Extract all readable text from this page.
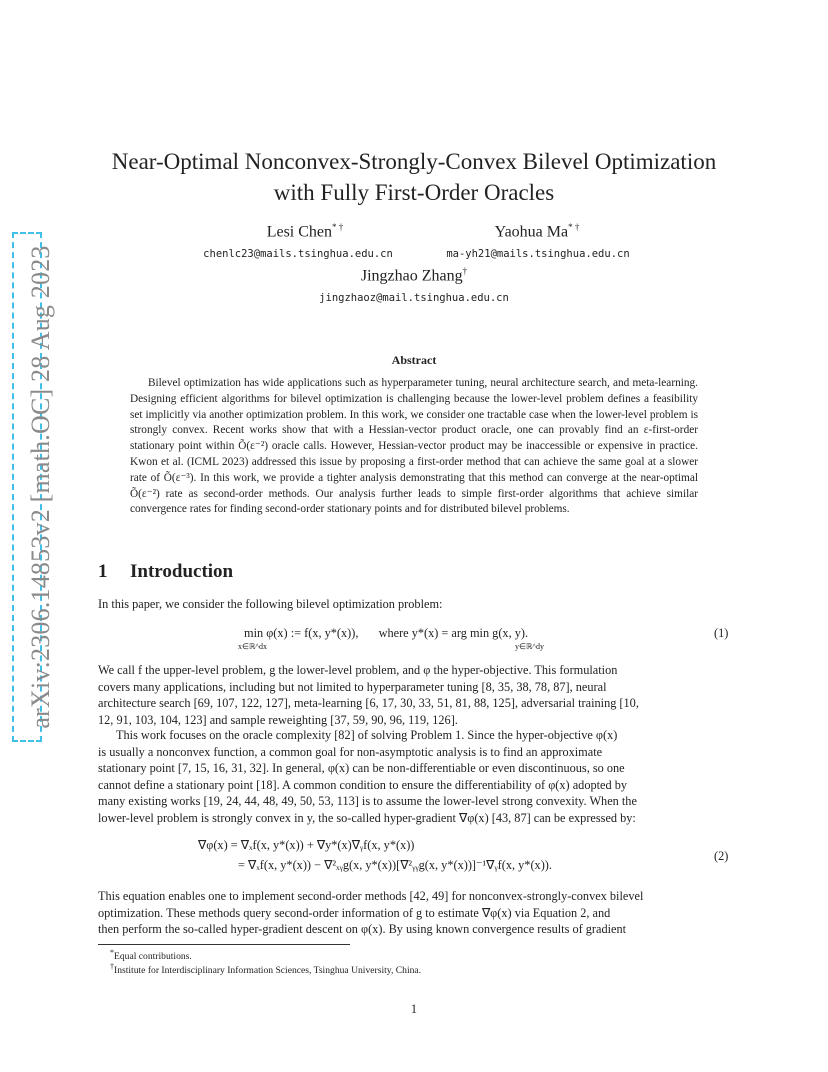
arXiv:2306.14853v2 [math.OC] 28 Aug 2023
Near-Optimal Nonconvex-Strongly-Convex Bilevel Optimization
with Fully First-Order Oracles
Lesi Chen* †
chenlc23@mails.tsinghua.edu.cn
Yaohua Ma* †
ma-yh21@mails.tsinghua.edu.cn
Jingzhao Zhang†
jingzhaoz@mail.tsinghua.edu.cn
Abstract
Bilevel optimization has wide applications such as hyperparameter tuning, neural architecture search, and meta-learning. Designing efficient algorithms for bilevel optimization is challenging because the lower-level problem defines a feasibility set implicitly via another optimization problem. In this work, we consider one tractable case when the lower-level problem is strongly convex. Recent works show that with a Hessian-vector product oracle, one can provably find an ε-first-order stationary point within Õ(ε⁻²) oracle calls. However, Hessian-vector product may be inaccessible or expensive in practice. Kwon et al. (ICML 2023) addressed this issue by proposing a first-order method that can achieve the same goal at a slower rate of Õ(ε⁻³). In this work, we provide a tighter analysis demonstrating that this method can converge at the near-optimal Õ(ε⁻²) rate as second-order methods. Our analysis further leads to simple first-order algorithms that achieve similar convergence rates for finding second-order stationary points and for distributed bilevel problems.
1 Introduction
In this paper, we consider the following bilevel optimization problem:
min φ(x) := f(x, y*(x)), where y*(x) = arg min g(x, y).
x∈ℝ^dx	y∈ℝ^dy
(1)
We call f the upper-level problem, g the lower-level problem, and φ the hyper-objective. This formulation
covers many applications, including but not limited to hyperparameter tuning [8, 35, 38, 78, 87], neural
architecture search [69, 107, 122, 127], meta-learning [6, 17, 30, 33, 51, 81, 88, 125], adversarial training [10,
12, 91, 103, 104, 123] and sample reweighting [37, 59, 90, 96, 119, 126].
This work focuses on the oracle complexity [82] of solving Problem 1. Since the hyper-objective φ(x)
is usually a nonconvex function, a common goal for non-asymptotic analysis is to find an approximate
stationary point [7, 15, 16, 31, 32]. In general, φ(x) can be non-differentiable or even discontinuous, so one
cannot define a stationary point [18]. A common condition to ensure the differentiability of φ(x) adopted by
many existing works [19, 24, 44, 48, 49, 50, 53, 113] is to assume the lower-level strong convexity. When the
lower-level problem is strongly convex in y, the so-called hyper-gradient ∇φ(x) [43, 87] can be expressed by:
∇φ(x) = ∇ₓf(x, y*(x)) + ∇y*(x)∇ᵧf(x, y*(x))
= ∇ₓf(x, y*(x)) − ∇²ₓᵧg(x, y*(x))[∇²ᵧᵧg(x, y*(x))]⁻¹∇ᵧf(x, y*(x)).
(2)
This equation enables one to implement second-order methods [42, 49] for nonconvex-strongly-convex bilevel
optimization. These methods query second-order information of g to estimate ∇φ(x) via Equation 2, and
then perform the so-called hyper-gradient descent on φ(x). By using known convergence results of gradient
*Equal contributions.
†Institute for Interdisciplinary Information Sciences, Tsinghua University, China.
1
